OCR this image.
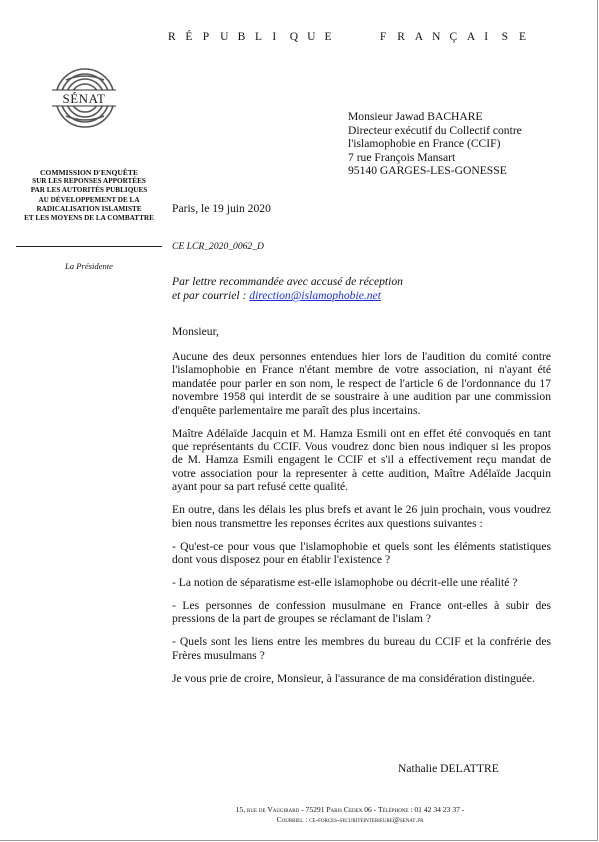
R É P U B L I Q U E	F R A N Ç A I S E
SÉNAT
COMMISSION D'ENQUÊTE
SUR LES REPONSES APPORTÉES
PAR LES AUTORITÉS PUBLIQUES
AU DÉVELOPPEMENT DE LA
RADICALISATION ISLAMISTE
ET LES MOYENS DE LA COMBATTRE
La Présidente
Monsieur Jawad BACHARE
Directeur exécutif du Collectif contre
l'islamophobie en France (CCIF)
7 rue François Mansart
95140 GARGES-LES-GONESSE
Paris, le 19 juin 2020
CE LCR_2020_0062_D
Par lettre recommandée avec accusé de réception
et par courriel : direction@islamophobie.net
Monsieur,

Aucune des deux personnes entendues hier lors de l'audition du comité contre l'islamophobie en France n'étant membre de votre association, ni n'ayant été mandatée pour parler en son nom, le respect de l'article 6 de l'ordonnance du 17 novembre 1958 qui interdit de se soustraire à une audition par une commission d'enquête parlementaire me paraît des plus incertains.

Maître Adélaïde Jacquin et M. Hamza Esmili ont en effet été convoqués en tant que représentants du CCIF. Vous voudrez donc bien nous indiquer si les propos de M. Hamza Esmili engagent le CCIF et s'il a effectivement reçu mandat de votre association pour la representer à cette audition, Maître Adélaïde Jacquin ayant pour sa part refusé cette qualité.

En outre, dans les délais les plus brefs et avant le 26 juin prochain, vous voudrez bien nous transmettre les reponses écrites aux questions suivantes :

- Qu'est-ce pour vous que l'islamophobie et quels sont les éléments statistiques dont vous disposez pour en établir l'existence ?

- La notion de séparatisme est-elle islamophobe ou décrit-elle une réalité ?

- Les personnes de confession musulmane en France ont-elles à subir des pressions de la part de groupes se réclamant de l'islam ?

- Quels sont les liens entre les membres du bureau du CCIF et la confrérie des Frères musulmans ?

Je vous prie de croire, Monsieur, à l'assurance de ma considération distinguée.

Nathalie DELATTRE
15, rue de Vaugirard - 75291 Paris Cedex 06 - Téléphone : 01 42 34 23 37 -
Courriel : ce-forces-securiteinterieure@senat.fr
